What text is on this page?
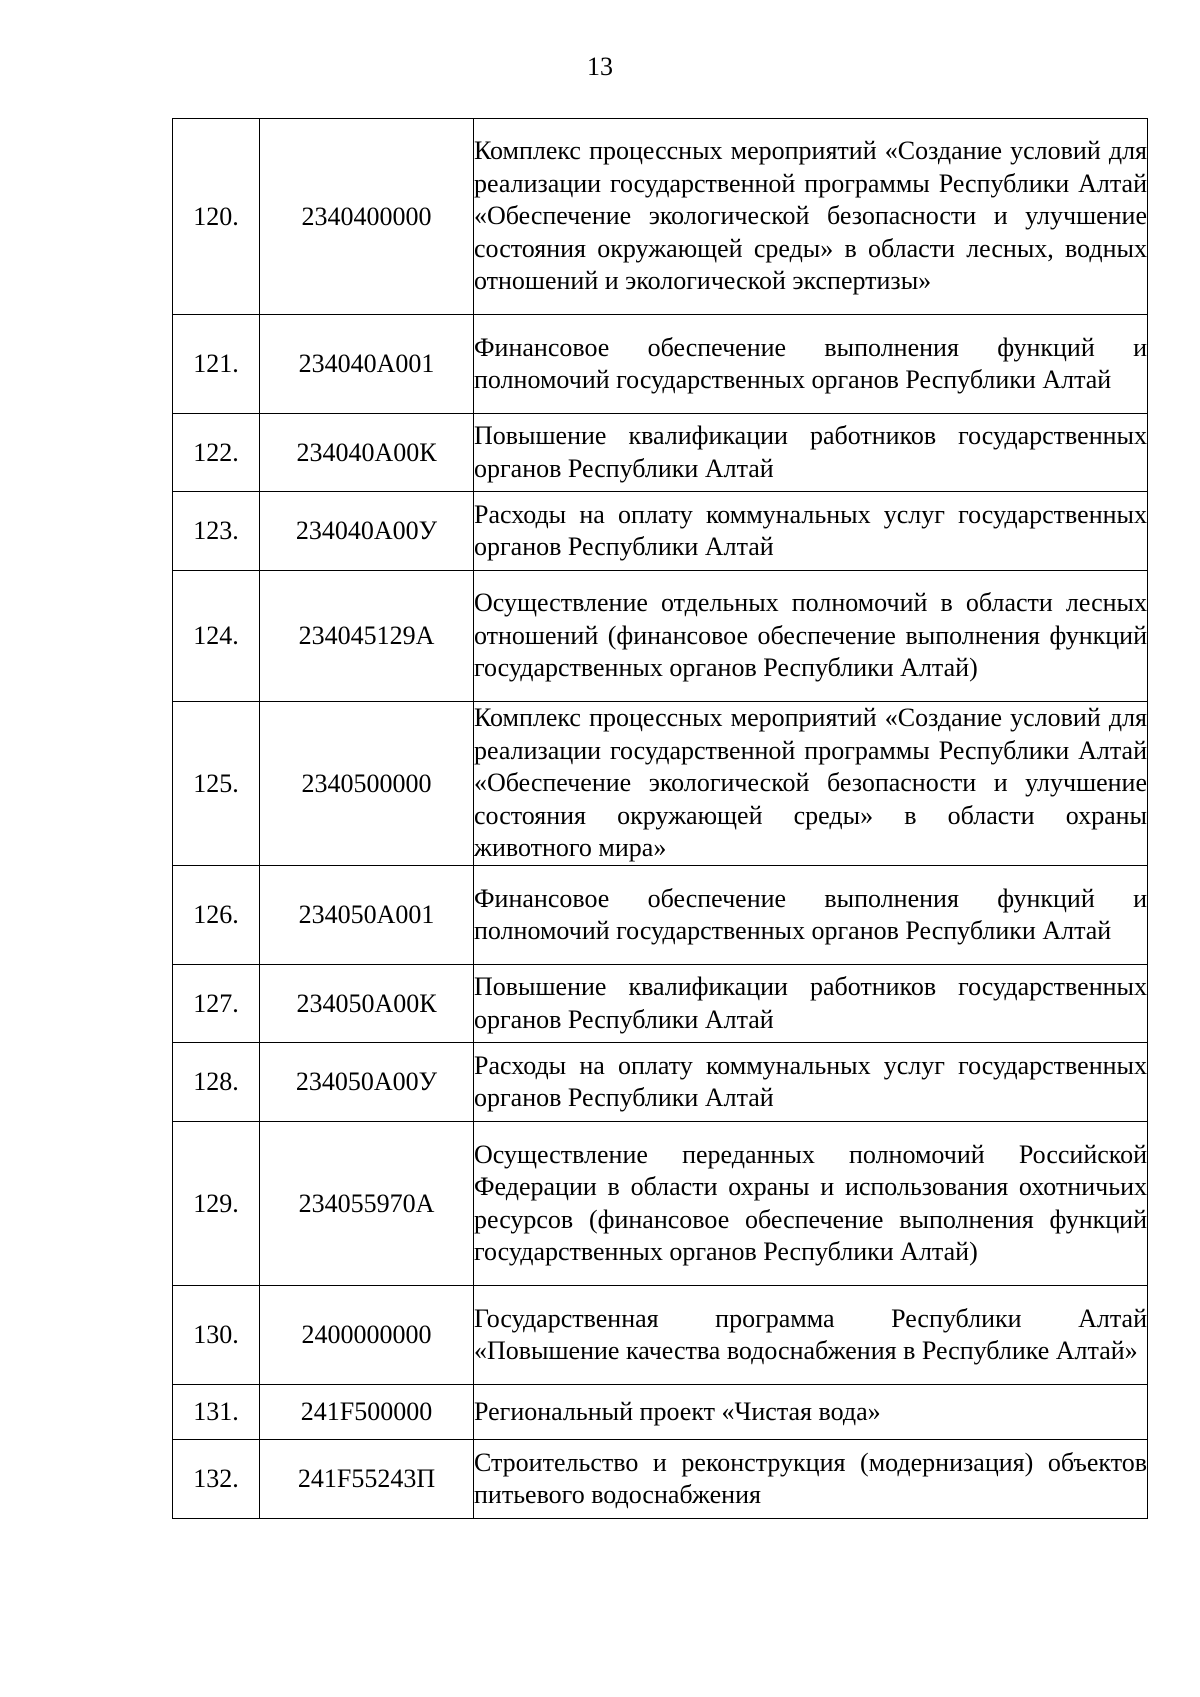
13
120.	2340400000	Комплекс процессных мероприятий «Создание условий для реализации государственной программы Республики Алтай «Обеспечение экологической безопасности и улучшение состояния окружающей среды» в области лесных, водных отношений и экологической экспертизы»
121.	234040А001	Финансовое обеспечение выполнения функций и полномочий государственных органов Республики Алтай
122.	234040А00К	Повышение квалификации работников государственных органов Республики Алтай
123.	234040А00У	Расходы на оплату коммунальных услуг государственных органов Республики Алтай
124.	234045129А	Осуществление отдельных полномочий в области лесных отношений (финансовое обеспечение выполнения функций государственных органов Республики Алтай)
125.	2340500000	Комплекс процессных мероприятий «Создание условий для реализации государственной программы Республики Алтай «Обеспечение экологической безопасности и улучшение состояния окружающей среды» в области охраны животного мира»
126.	234050А001	Финансовое обеспечение выполнения функций и полномочий государственных органов Республики Алтай
127.	234050А00К	Повышение квалификации работников государственных органов Республики Алтай
128.	234050А00У	Расходы на оплату коммунальных услуг государственных органов Республики Алтай
129.	234055970А	Осуществление переданных полномочий Российской Федерации в области охраны и использования охотничьих ресурсов (финансовое обеспечение выполнения функций государственных органов Республики Алтай)
130.	2400000000	Государственная программа Республики Алтай «Повышение качества водоснабжения в Республике Алтай»
131.	241F500000	Региональный проект «Чистая вода»
132.	241F55243П	Строительство и реконструкция (модернизация) объектов питьевого водоснабжения
